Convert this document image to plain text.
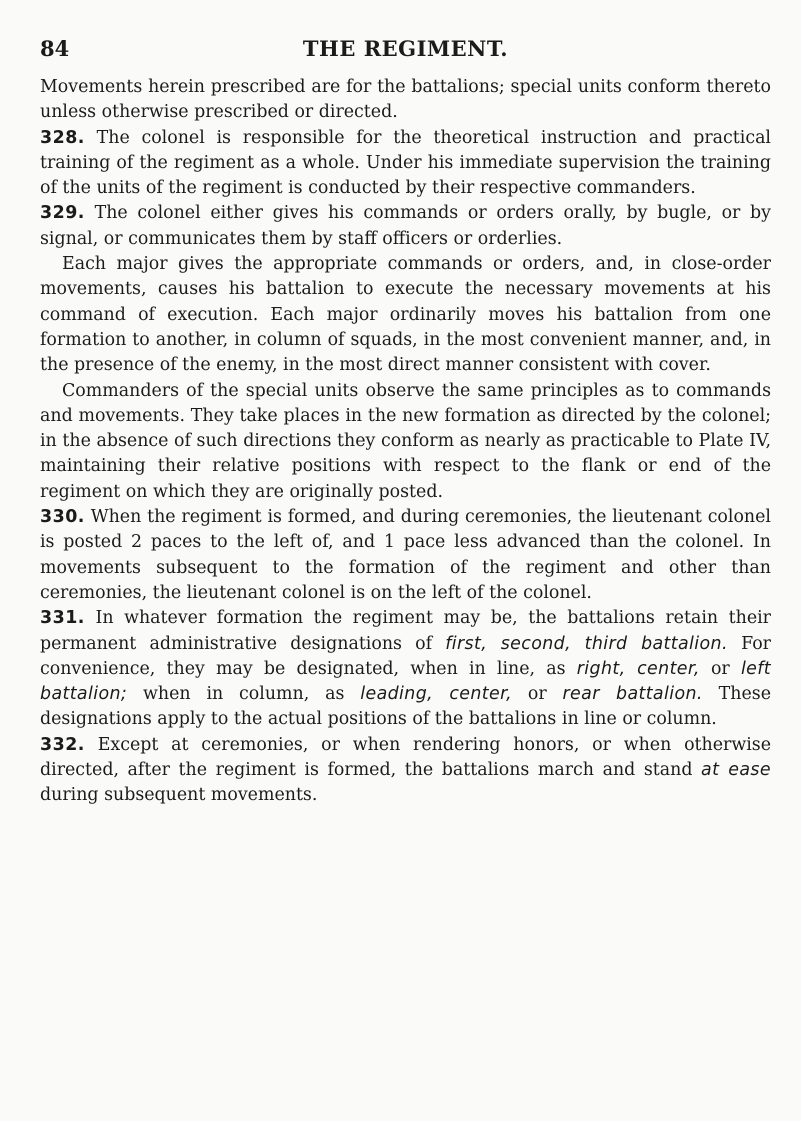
84	THE REGIMENT.

Movements herein prescribed are for the battalions; special units conform thereto unless otherwise prescribed or directed.

328. The colonel is responsible for the theoretical instruction and practical training of the regiment as a whole. Under his immediate supervision the training of the units of the regiment is conducted by their respective commanders.

329. The colonel either gives his commands or orders orally, by bugle, or by signal, or communicates them by staff officers or orderlies.

Each major gives the appropriate commands or orders, and, in close-order movements, causes his battalion to execute the necessary movements at his command of execution. Each major ordinarily moves his battalion from one formation to another, in column of squads, in the most convenient manner, and, in the presence of the enemy, in the most direct manner consistent with cover.

Commanders of the special units observe the same principles as to commands and movements. They take places in the new formation as directed by the colonel; in the absence of such directions they conform as nearly as practicable to Plate IV, maintaining their relative positions with respect to the flank or end of the regiment on which they are originally posted.

330. When the regiment is formed, and during ceremonies, the lieutenant colonel is posted 2 paces to the left of, and 1 pace less advanced than the colonel. In movements subsequent to the formation of the regiment and other than ceremonies, the lieutenant colonel is on the left of the colonel.

331. In whatever formation the regiment may be, the battalions retain their permanent administrative designations of first, second, third battalion. For convenience, they may be designated, when in line, as right, center, or left battalion; when in column, as leading, center, or rear battalion. These designations apply to the actual positions of the battalions in line or column.

332. Except at ceremonies, or when rendering honors, or when otherwise directed, after the regiment is formed, the battalions march and stand at ease during subsequent movements.
